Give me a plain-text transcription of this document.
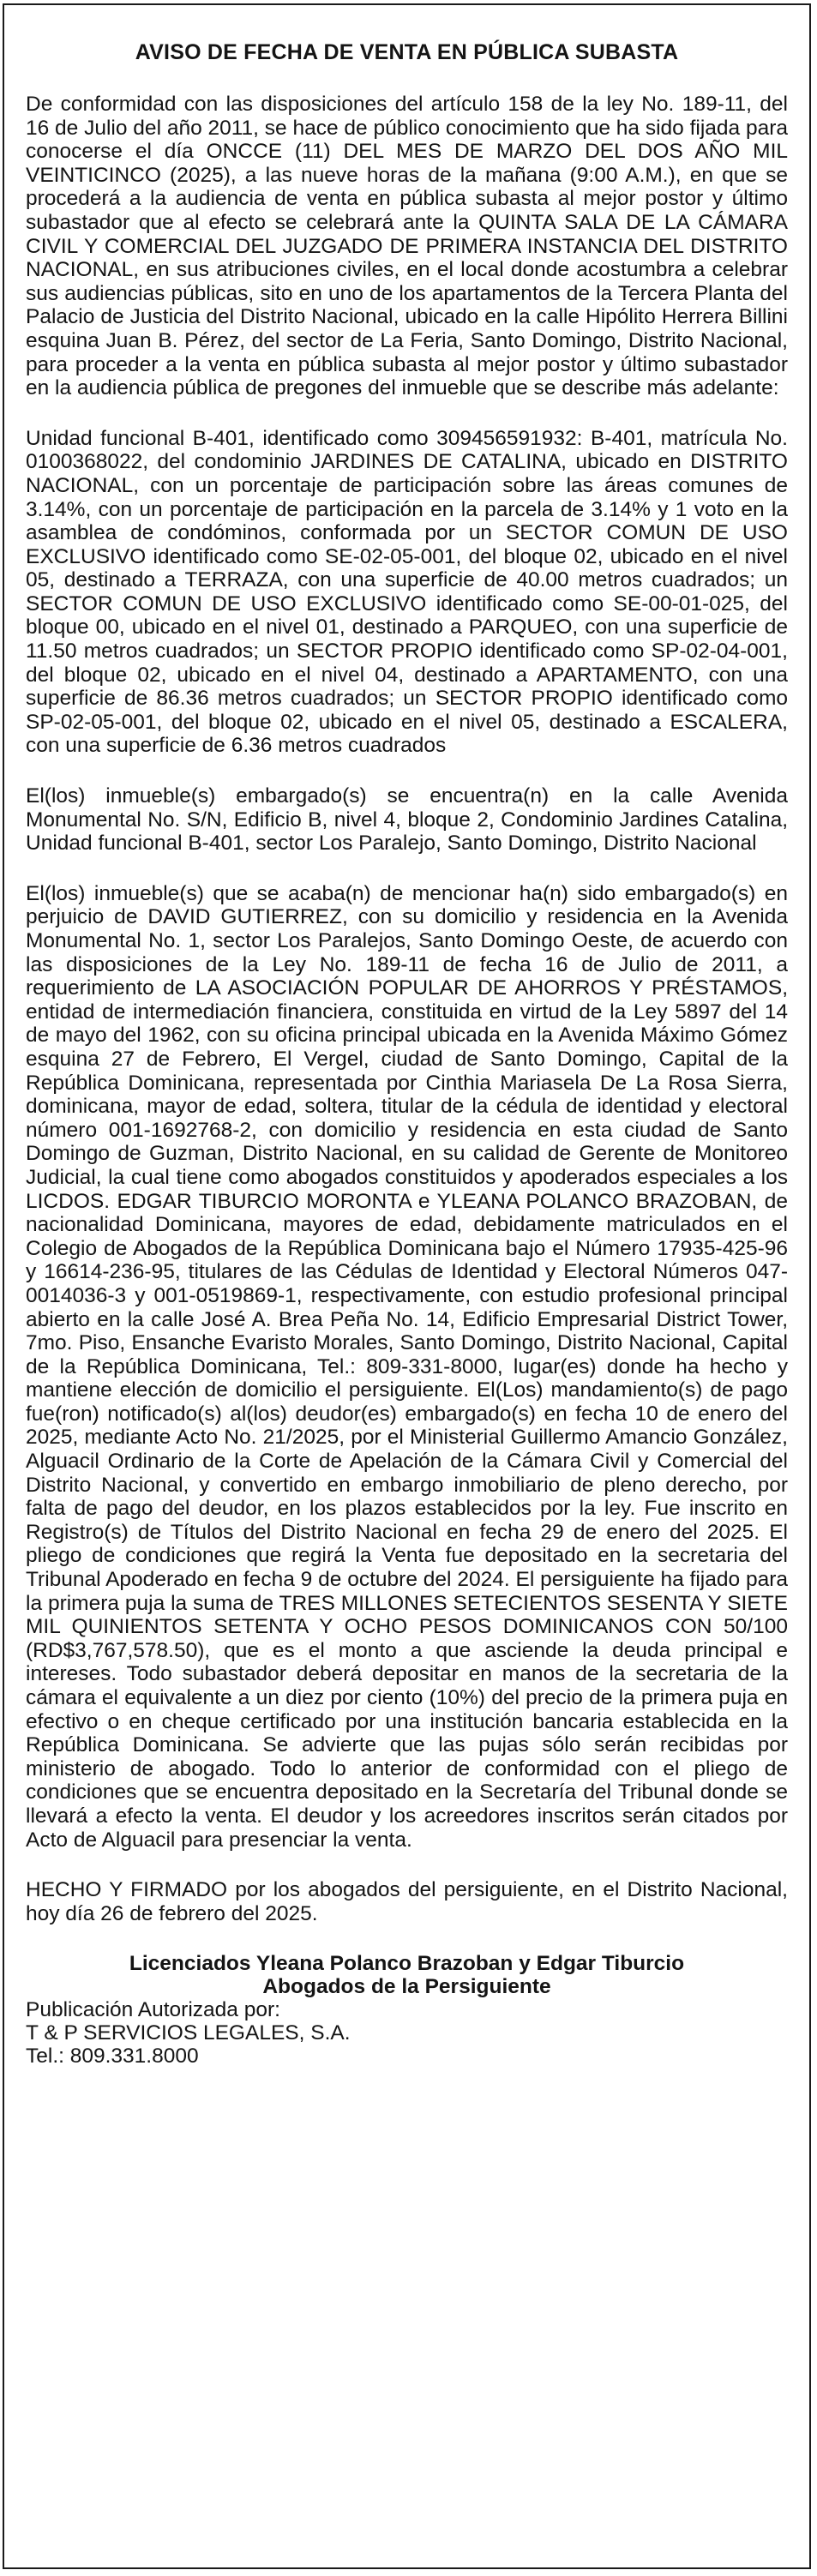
AVISO DE FECHA DE VENTA EN PÚBLICA SUBASTA

De conformidad con las disposiciones del artículo 158 de la ley No. 189-11, del 16 de Julio del año 2011, se hace de público conocimiento que ha sido fijada para conocerse el día ONCCE (11) DEL MES DE MARZO DEL DOS AÑO MIL VEINTICINCO (2025), a las nueve horas de la mañana (9:00 A.M.), en que se procederá a la audiencia de venta en pública subasta al mejor postor y último subastador que al efecto se celebrará ante la QUINTA SALA DE LA CÁMARA CIVIL Y COMERCIAL DEL JUZGADO DE PRIMERA INSTANCIA DEL DISTRITO NACIONAL, en sus atribuciones civiles, en el local donde acostumbra a celebrar sus audiencias públicas, sito en uno de los apartamentos de la Tercera Planta del Palacio de Justicia del Distrito Nacional, ubicado en la calle Hipólito Herrera Billini esquina Juan B. Pérez, del sector de La Feria, Santo Domingo, Distrito Nacional, para proceder a la venta en pública subasta al mejor postor y último subastador en la audiencia pública de pregones del inmueble que se describe más adelante:

Unidad funcional B-401, identificado como 309456591932: B-401, matrícula No. 0100368022, del condominio JARDINES DE CATALINA, ubicado en DISTRITO NACIONAL, con un porcentaje de participación sobre las áreas comunes de 3.14%, con un porcentaje de participación en la parcela de 3.14% y 1 voto en la asamblea de condóminos, conformada por un SECTOR COMUN DE USO EXCLUSIVO identificado como SE-02-05-001, del bloque 02, ubicado en el nivel 05, destinado a TERRAZA, con una superficie de 40.00 metros cuadrados; un SECTOR COMUN DE USO EXCLUSIVO identificado como SE-00-01-025, del bloque 00, ubicado en el nivel 01, destinado a PARQUEO, con una superficie de 11.50 metros cuadrados; un SECTOR PROPIO identificado como SP-02-04-001, del bloque 02, ubicado en el nivel 04, destinado a APARTAMENTO, con una superficie de 86.36 metros cuadrados; un SECTOR PROPIO identificado como SP-02-05-001, del bloque 02, ubicado en el nivel 05, destinado a ESCALERA, con una superficie de 6.36 metros cuadrados

El(los) inmueble(s) embargado(s) se encuentra(n) en la calle Avenida Monumental No. S/N, Edificio B, nivel 4, bloque 2, Condominio Jardines Catalina, Unidad funcional B-401, sector Los Paralejo, Santo Domingo, Distrito Nacional

El(los) inmueble(s) que se acaba(n) de mencionar ha(n) sido embargado(s) en perjuicio de DAVID GUTIERREZ, con su domicilio y residencia en la Avenida Monumental No. 1, sector Los Paralejos, Santo Domingo Oeste, de acuerdo con las disposiciones de la Ley No. 189-11 de fecha 16 de Julio de 2011, a requerimiento de LA ASOCIACIÓN POPULAR DE AHORROS Y PRÉSTAMOS, entidad de intermediación financiera, constituida en virtud de la Ley 5897 del 14 de mayo del 1962, con su oficina principal ubicada en la Avenida Máximo Gómez esquina 27 de Febrero, El Vergel, ciudad de Santo Domingo, Capital de la República Dominicana, representada por Cinthia Mariasela De La Rosa Sierra, dominicana, mayor de edad, soltera, titular de la cédula de identidad y electoral número 001-1692768-2, con domicilio y residencia en esta ciudad de Santo Domingo de Guzman, Distrito Nacional, en su calidad de Gerente de Monitoreo Judicial, la cual tiene como abogados constituidos y apoderados especiales a los LICDOS. EDGAR TIBURCIO MORONTA e YLEANA POLANCO BRAZOBAN, de nacionalidad Dominicana, mayores de edad, debidamente matriculados en el Colegio de Abogados de la República Dominicana bajo el Número 17935-425-96 y 16614-236-95, titulares de las Cédulas de Identidad y Electoral Números 047-0014036-3 y 001-0519869-1, respectivamente, con estudio profesional principal abierto en la calle José A. Brea Peña No. 14, Edificio Empresarial District Tower, 7mo. Piso, Ensanche Evaristo Morales, Santo Domingo, Distrito Nacional, Capital de la República Dominicana, Tel.: 809-331-8000, lugar(es) donde ha hecho y mantiene elección de domicilio el persiguiente. El(Los) mandamiento(s) de pago fue(ron) notificado(s) al(los) deudor(es) embargado(s) en fecha 10 de enero del 2025, mediante Acto No. 21/2025, por el Ministerial Guillermo Amancio González, Alguacil Ordinario de la Corte de Apelación de la Cámara Civil y Comercial del Distrito Nacional, y convertido en embargo inmobiliario de pleno derecho, por falta de pago del deudor, en los plazos establecidos por la ley. Fue inscrito en Registro(s) de Títulos del Distrito Nacional en fecha 29 de enero del 2025. El pliego de condiciones que regirá la Venta fue depositado en la secretaria del Tribunal Apoderado en fecha 9 de octubre del 2024. El persiguiente ha fijado para la primera puja la suma de TRES MILLONES SETECIENTOS SESENTA Y SIETE MIL QUINIENTOS SETENTA Y OCHO PESOS DOMINICANOS CON 50/100 (RD$3,767,578.50), que es el monto a que asciende la deuda principal e intereses. Todo subastador deberá depositar en manos de la secretaria de la cámara el equivalente a un diez por ciento (10%) del precio de la primera puja en efectivo o en cheque certificado por una institución bancaria establecida en la República Dominicana. Se advierte que las pujas sólo serán recibidas por ministerio de abogado. Todo lo anterior de conformidad con el pliego de condiciones que se encuentra depositado en la Secretaría del Tribunal donde se llevará a efecto la venta. El deudor y los acreedores inscritos serán citados por Acto de Alguacil para presenciar la venta.

HECHO Y FIRMADO por los abogados del persiguiente, en el Distrito Nacional, hoy día 26 de febrero del 2025.

Licenciados Yleana Polanco Brazoban y Edgar Tiburcio
Abogados de la Persiguiente
Publicación Autorizada por:
T & P SERVICIOS LEGALES, S.A.
Tel.: 809.331.8000
